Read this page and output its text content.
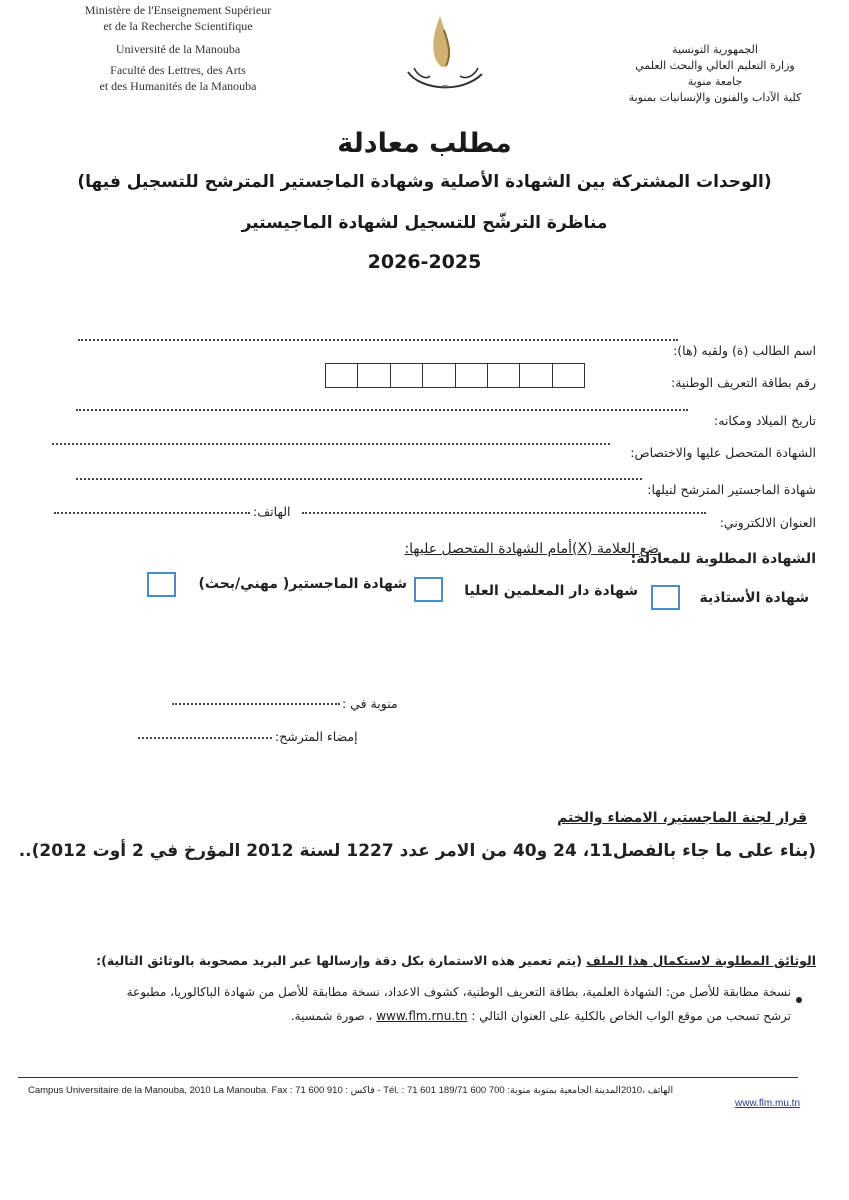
Ministère de l'Enseignement Supérieur
et de la Recherche Scientifique
Université de la Manouba
Faculté des Lettres, des Arts
et des Humanités de la Manouba	~
الجمهورية التونسية
وزارة التعليم العالي والبحث العلمي
جامعة منوبة
كلية الآداب والفنون والإنسانيات بمنوبة
مطلب معادلة
(الوحدات المشتركة بين الشهادة الأصلية وشهادة الماجستير المترشح للتسجيل فيها)
مناظرة الترشّح للتسجيل لشهادة الماجيستير
2026-2025
اسم الطالب (ة) ولقبه (ها):
رقم بطاقة التعريف الوطنية:
تاريخ الميلاد ومكانه:
الشهادة المتحصل عليها والاختصاص:
شهادة الماجستير المترشح لنيلها:
العنوان الالكتروني:
الهاتف:
الشهادة المطلوبة للمعادلة:
ضع العلامة (X)أمام الشهادة المتحصل عليها:
شهادة الأستاذية
شهادة دار المعلمين العليا
شهادة الماجستير( مهني/بحث)
منوبة في :
إمضاء المترشح:
قرار لجنة الماجستير، الامضاء والختم
(بناء على ما جاء بالفصل11، 24 و40 من الامر عدد 1227 لسنة 2012 المؤرخ في 2 أوت 2012)..
الوثائق المطلوبة لاستكمال هذا الملف (يتم تعمير هذه الاستمارة بكل دقة وإرسالها عبر البريد مصحوبة بالوثائق التالية):
نسخة مطابقة للأصل من: الشهادة العلمية، بطاقة التعريف الوطنية، كشوف الاعداد، نسخة مطابقة للأصل من شهادة الباكالوريا، مطبوعة
ترشح تسحب من موقع الواب الخاص بالكلية على العنوان التالي : www.flm.rnu.tn ، صورة شمسية.
Campus Universitaire de la Manouba, 2010 La Manouba. Fax : 71 600 910 : فاكس - Tél. : 71 601 189/71 600 700 :الهاتف ،2010المدينة الجامعية بمنوبة منوبة
www.flm.mu.tn
